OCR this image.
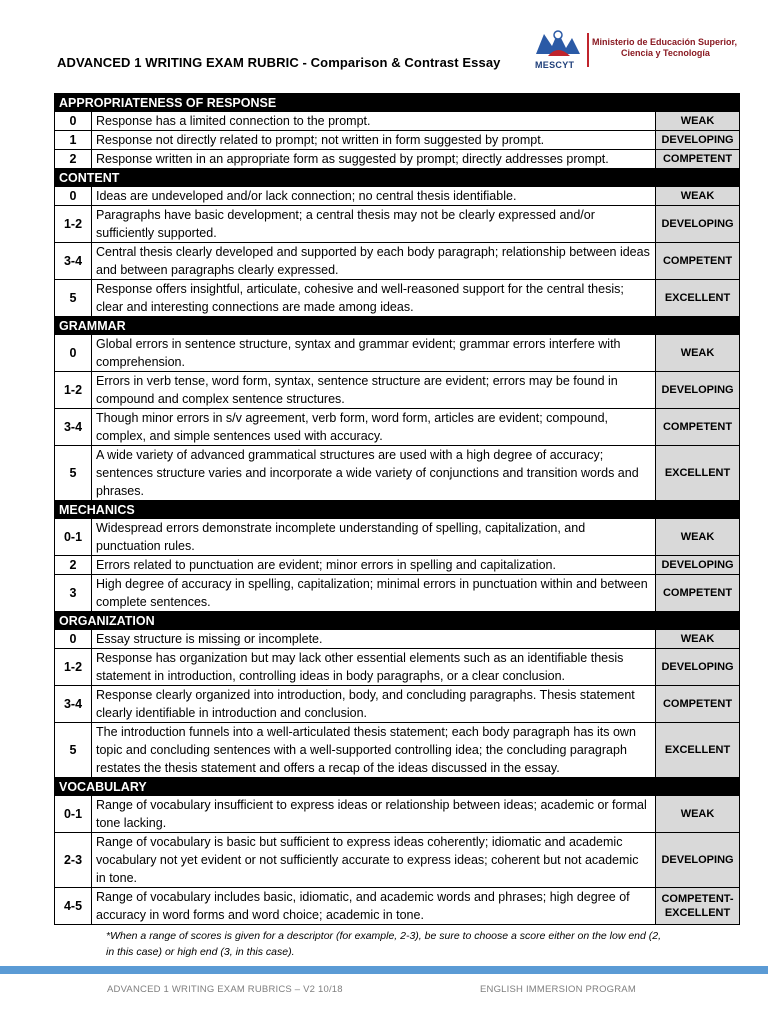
ADVANCED 1 WRITING EXAM RUBRIC - Comparison & Contrast Essay	MESCYT
Ministerio de Educación Superior,
Ciencia y Tecnología
APPROPRIATENESS OF RESPONSE		
0	Response has a limited connection to the prompt.	WEAK
1	Response not directly related to prompt; not written in form suggested by prompt.	DEVELOPING
2	Response written in an appropriate form as suggested by prompt; directly addresses prompt.	COMPETENT
CONTENT		
0	Ideas are undeveloped and/or lack connection; no central thesis identifiable.	WEAK
1-2	Paragraphs have basic development; a central thesis may not be clearly expressed and/or sufficiently supported.	DEVELOPING
3-4	Central thesis clearly developed and supported by each body paragraph; relationship between ideas and between paragraphs clearly expressed.	COMPETENT
5	Response offers insightful, articulate, cohesive and well-reasoned support for the central thesis; clear and interesting connections are made among ideas.	EXCELLENT
GRAMMAR		
0	Global errors in sentence structure, syntax and grammar evident; grammar errors interfere with comprehension.	WEAK
1-2	Errors in verb tense, word form, syntax, sentence structure are evident; errors may be found in compound and complex sentence structures.	DEVELOPING
3-4	Though minor errors in s/v agreement, verb form, word form, articles are evident; compound, complex, and simple sentences used with accuracy.	COMPETENT
5	A wide variety of advanced grammatical structures are used with a high degree of accuracy; sentences structure varies and incorporate a wide variety of conjunctions and transition words and phrases.	EXCELLENT
MECHANICS		
0-1	Widespread errors demonstrate incomplete understanding of spelling, capitalization, and punctuation rules.	WEAK
2	Errors related to punctuation are evident; minor errors in spelling and capitalization.	DEVELOPING
3	High degree of accuracy in spelling, capitalization; minimal errors in punctuation within and between complete sentences.	COMPETENT
ORGANIZATION		
0	Essay structure is missing or incomplete.	WEAK
1-2	Response has organization but may lack other essential elements such as an identifiable thesis statement in introduction, controlling ideas in body paragraphs, or a clear conclusion.	DEVELOPING
3-4	Response clearly organized into introduction, body, and concluding paragraphs. Thesis statement clearly identifiable in introduction and conclusion.	COMPETENT
5	The introduction funnels into a well-articulated thesis statement; each body paragraph has its own topic and concluding sentences with a well-supported controlling idea; the concluding paragraph restates the thesis statement and offers a recap of the ideas discussed in the essay.	EXCELLENT
VOCABULARY		
0-1	Range of vocabulary insufficient to express ideas or relationship between ideas; academic or formal tone lacking.	WEAK
2-3	Range of vocabulary is basic but sufficient to express ideas coherently; idiomatic and academic vocabulary not yet evident or not sufficiently accurate to express ideas; coherent but not academic in tone.	DEVELOPING
4-5	Range of vocabulary includes basic, idiomatic, and academic words and phrases; high degree of accuracy in word forms and word choice; academic in tone.	COMPETENT- EXCELLENT
*When a range of scores is given for a descriptor (for example, 2-3), be sure to choose a score either on the low end (2, in this case) or high end (3, in this case).
ADVANCED 1 WRITING EXAM RUBRICS – V2 10/18	ENGLISH IMMERSION PROGRAM
